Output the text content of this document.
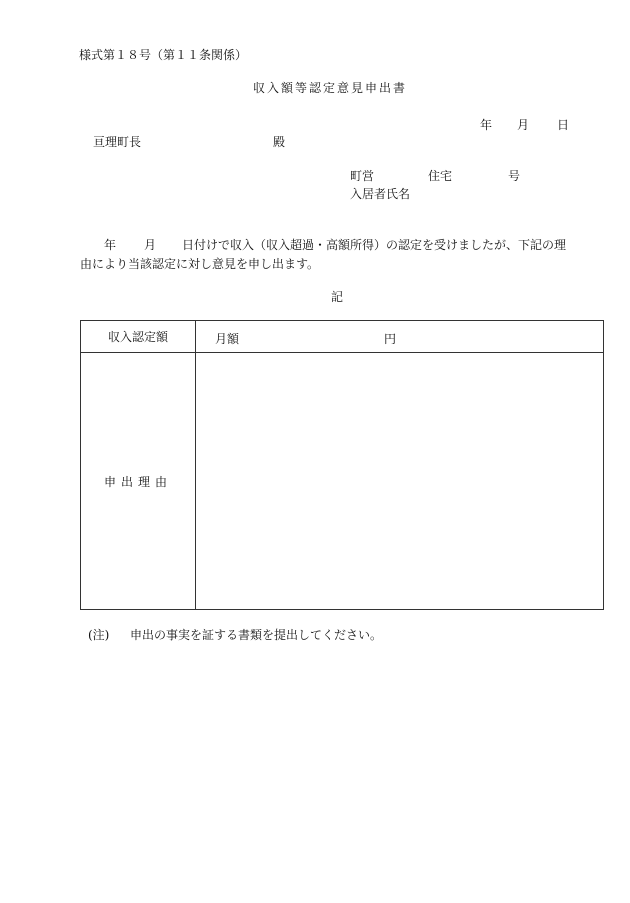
様式第１８号（第１１条関係）
収入額等認定意見申出書
年 月 日
亘理町長	殿
町営	住宅	号
入居者氏名
年 月 日付けで収入（収入超過・高額所得）の認定を受けましたが、下記の理
由により当該認定に対し意見を申し出ます。
記
収入認定額	月額 円

申出理由	
(注) 申出の事実を証する書類を提出してください。
